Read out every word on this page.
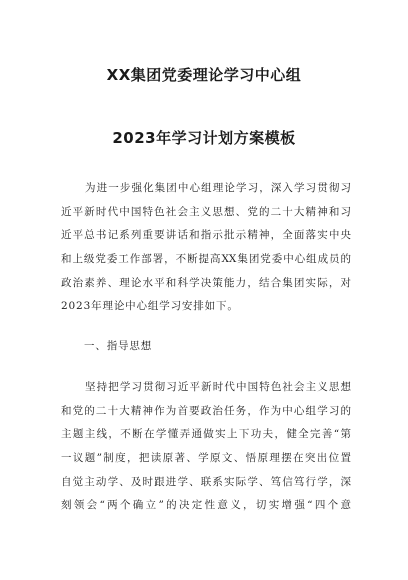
XX集团党委理论学习中心组
2023年学习计划方案模板
为进一步强化集团中心组理论学习，深入学习贯彻习
近平新时代中国特色社会主义思想、党的二十大精神和习
近平总书记系列重要讲话和指示批示精神，全面落实中央
和上级党委工作部署，不断提高XX集团党委中心组成员的
政治素养、理论水平和科学决策能力，结合集团实际，对
2023年理论中心组学习安排如下。
一、指导思想
坚持把学习贯彻习近平新时代中国特色社会主义思想
和党的二十大精神作为首要政治任务，作为中心组学习的
主题主线，不断在学懂弄通做实上下功夫，健全完善“第
一议题”制度，把读原著、学原文、悟原理摆在突出位置
自觉主动学、及时跟进学、联系实际学、笃信笃行学，深
刻领会“两个确立”的决定性意义，切实增强“四个意
